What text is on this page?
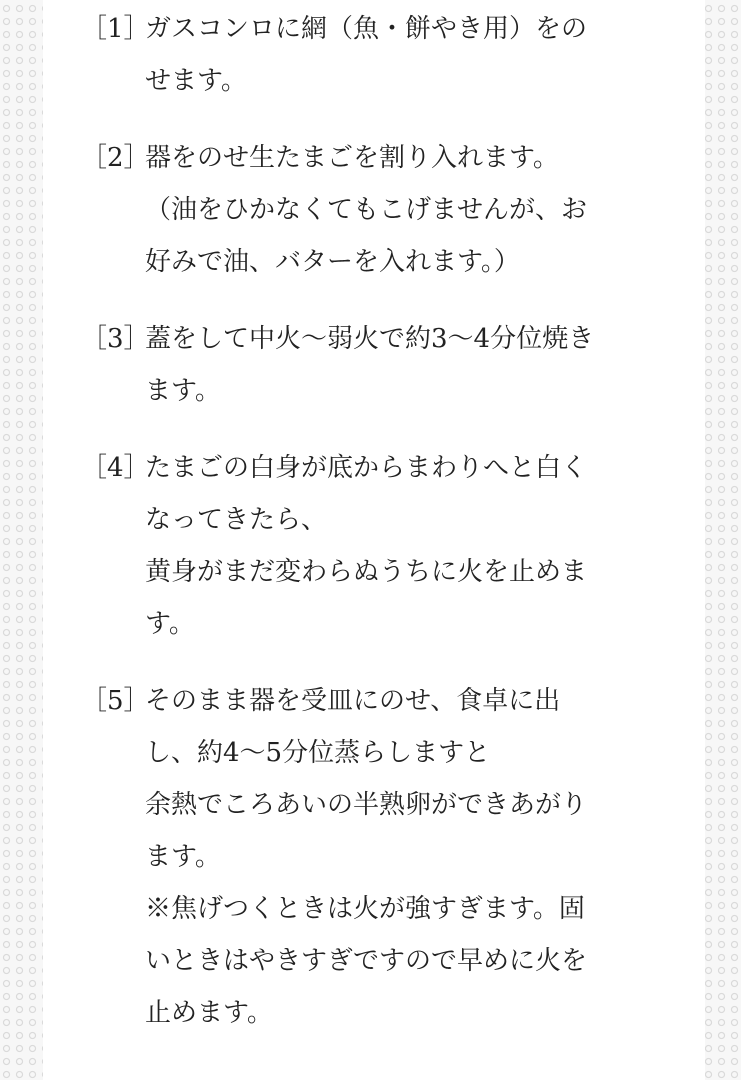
［1］
ガスコンロに網（魚・餅やき用）をの
せます。
［2］
器をのせ生たまごを割り入れます。
（油をひかなくてもこげませんが、お
好みで油、バターを入れます。）
［3］
蓋をして中火～弱火で約3～4分位焼き
ます。
［4］
たまごの白身が底からまわりへと白く
なってきたら、
黄身がまだ変わらぬうちに火を止めま
す。
［5］
そのまま器を受皿にのせ、食卓に出
し、約4～5分位蒸らしますと
余熱でころあいの半熟卵ができあがり
ます。
※焦げつくときは火が強すぎます。固
いときはやきすぎですので早めに火を
止めます。
